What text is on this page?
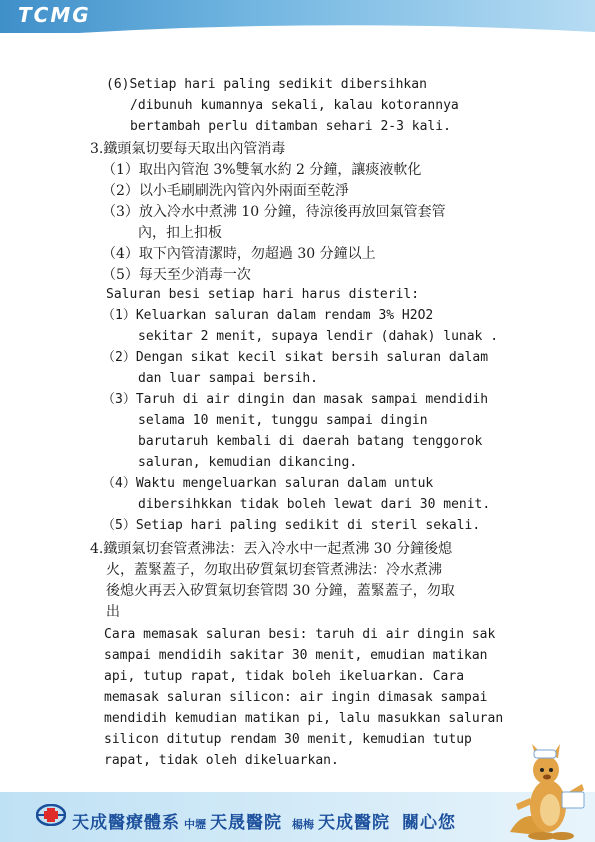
TCMG
(6)Setiap hari paling sedikit dibersihkan
/dibunuh kumannya sekali, kalau kotorannya
bertambah perlu ditamban sehari 2-3 kali.
3.鐵頭氣切要每天取出內管消毒
（1）取出內管泡 3%雙氧水約 2 分鐘，讓痰液軟化
（2）以小毛刷刷洗內管內外兩面至乾淨
（3）放入冷水中煮沸 10 分鐘，待涼後再放回氣管套管
內，扣上扣板
（4）取下內管清潔時，勿超過 30 分鐘以上
（5）每天至少消毒一次
Saluran besi setiap hari harus disteril:
（1）Keluarkan saluran dalam rendam 3% H2O2
sekitar 2 menit, supaya lendir (dahak) lunak .
（2）Dengan sikat kecil sikat bersih saluran dalam
dan luar sampai bersih.
（3）Taruh di air dingin dan masak sampai mendidih
selama 10 menit, tunggu sampai dingin
barutaruh kembali di daerah batang tenggorok
saluran, kemudian dikancing.
（4）Waktu mengeluarkan saluran dalam untuk
dibersihkkan tidak boleh lewat dari 30 menit.
（5）Setiap hari paling sedikit di steril sekali.
4.鐵頭氣切套管煮沸法：丟入冷水中一起煮沸 30 分鐘後熄
火，蓋緊蓋子，勿取出矽質氣切套管煮沸法：冷水煮沸
後熄火再丟入矽質氣切套管悶 30 分鐘，蓋緊蓋子，勿取
出
Cara memasak saluran besi: taruh di air dingin sak
sampai mendidih sakitar 30 menit, emudian matikan
api, tutup rapat, tidak boleh ikeluarkan. Cara
memasak saluran silicon: air ingin dimasak sampai
mendidih kemudian matikan pi, lalu masukkan saluran
silicon ditutup rendam 30 menit, kemudian tutup
rapat, tidak oleh dikeluarkan.
天成醫療體系 中壢 天晟醫院 楊梅 天成醫院 關心您
